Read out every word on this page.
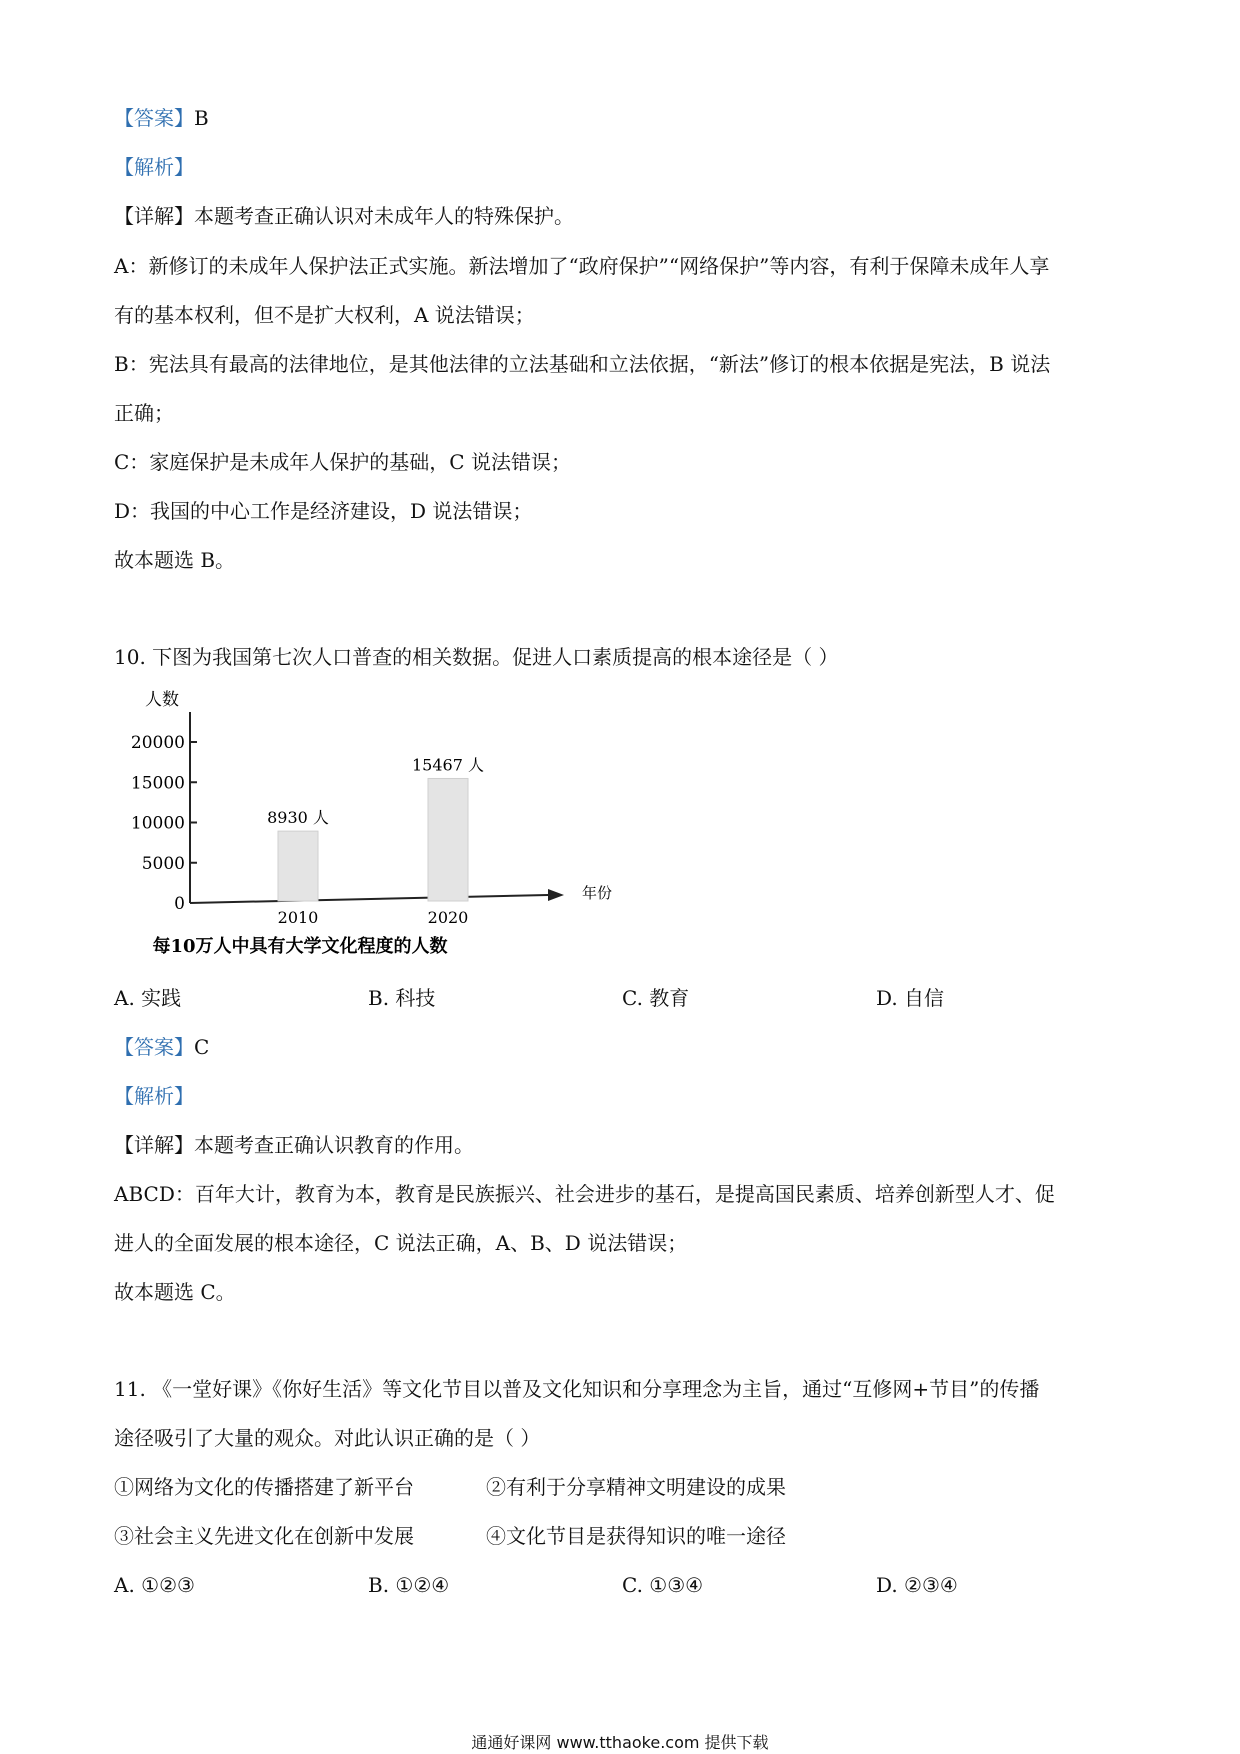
【答案】B
【解析】
【详解】本题考查正确认识对未成年人的特殊保护。
A：新修订的未成年人保护法正式实施。新法增加了“政府保护”“网络保护”等内容，有利于保障未成年人享
有的基本权利，但不是扩大权利，A 说法错误；
B：宪法具有最高的法律地位，是其他法律的立法基础和立法依据，“新法”修订的根本依据是宪法，B 说法
正确；
C：家庭保护是未成年人保护的基础，C 说法错误；
D：我国的中心工作是经济建设，D 说法错误；
故本题选 B。
10. 下图为我国第七次人口普查的相关数据。促进人口素质提高的根本途径是（ ）
人数
年份
0
5000
10000
15000
20000
8930 人
2010
15467 人
2020
每10万人中具有大学文化程度的人数
A. 实践	B. 科技	C. 教育	D. 自信
【答案】C
【解析】
【详解】本题考查正确认识教育的作用。
ABCD：百年大计，教育为本，教育是民族振兴、社会进步的基石，是提高国民素质、培养创新型人才、促
进人的全面发展的根本途径，C 说法正确，A、B、D 说法错误；
故本题选 C。
11. 《一堂好课》《你好生活》等文化节目以普及文化知识和分享理念为主旨，通过“互修网+节目”的传播
途径吸引了大量的观众。对此认识正确的是（ ）
①网络为文化的传播搭建了新平台	②有利于分享精神文明建设的成果
③社会主义先进文化在创新中发展	④文化节目是获得知识的唯一途径
A. ①②③	B. ①②④	C. ①③④	D. ②③④
通通好课网 www.tthaoke.com 提供下载
